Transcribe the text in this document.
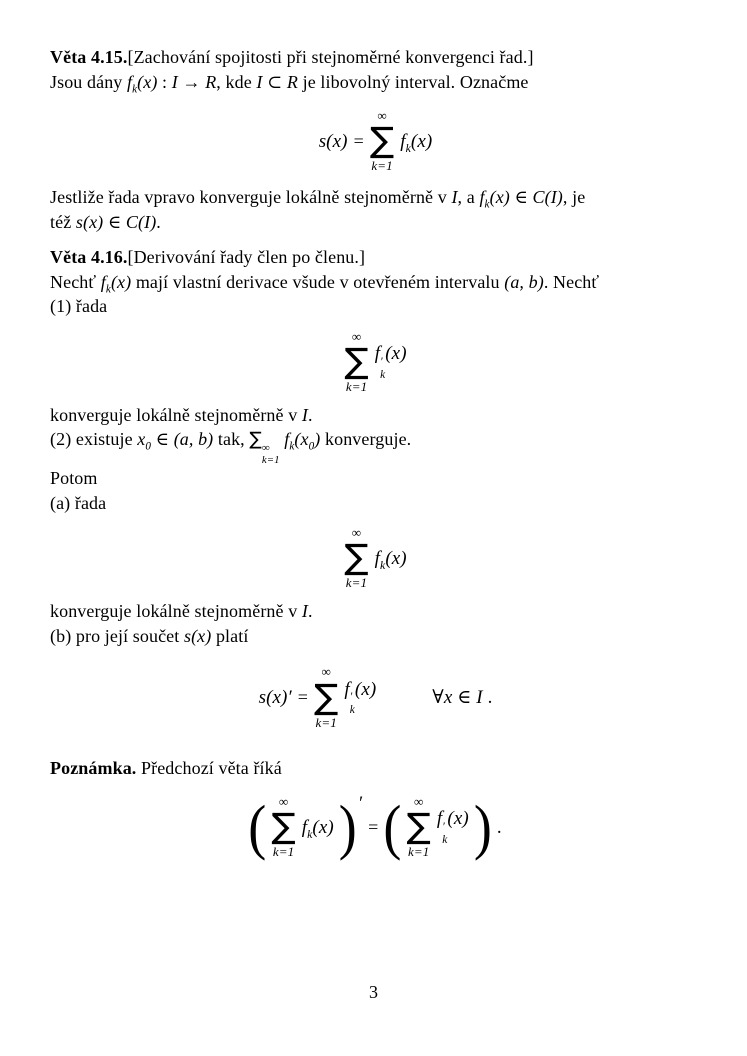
Věta 4.15.[Zachování spojitosti při stejnoměrné konvergenci řad.]

Jsou dány $f_k(x)$ : I → R, kde I ⊂ R je libovolný interval. Označme

s(x) =
∞
∑
k=1
$f_k(x)$

Jestliže řada vpravo konverguje lokálně stejnoměrně v I, a $f_k(x)$ ∈ C(I), je

též s(x) ∈ C(I).

Věta 4.16.[Derivování řady člen po členu.]

Nechť $f_k(x)$ mají vlastní derivace všude v otevřeném intervalu (a, b). Nechť

(1) řada

∞
∑
k=1
f ′
k
(x)

konverguje lokálně stejnoměrně v I.

(2) existuje $x_0$ ∈ (a, b) tak, ∑ ∞
k=1
$f_k(x_0)$ konverguje.

Potom

(a) řada

∞
∑
k=1
$f_k(x)$

konverguje lokálně stejnoměrně v I.

(b) pro její součet s(x) platí

s(x)′ =
∞
∑
k=1
f ′
k
(x)	∀x ∈ I .

Poznámka. Předchozí věta říká

( ∞
∑
k=1
$f_k(x)$ ) ′
= ( ∞
∑
k=1
f ′
k
(x) ) .
3
